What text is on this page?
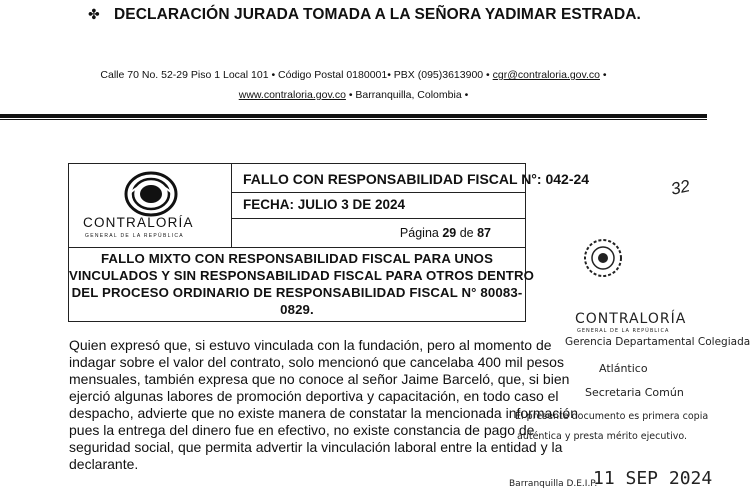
✤ DECLARACIÓN JURADA TOMADA A LA SEÑORA YADIMAR ESTRADA.
Calle 70 No. 52-29 Piso 1 Local 101 • Código Postal 0180001• PBX (095)3613900 • cgr@contraloria.gov.co •
www.contraloria.gov.co • Barranquilla, Colombia •
CONTRALORÍA
GENERAL DE LA REPÚBLICA
FALLO CON RESPONSABILIDAD FISCAL N°: 042-24
FECHA: JULIO 3 DE 2024
Página 29 de 87
FALLO MIXTO CON RESPONSABILIDAD FISCAL PARA UNOS
VINCULADOS Y SIN RESPONSABILIDAD FISCAL PARA OTROS DENTRO
DEL PROCESO ORDINARIO DE RESPONSABILIDAD FISCAL N° 80083-
0829.
Quien expresó que, si estuvo vinculada con la fundación, pero al momento de
indagar sobre el valor del contrato, solo mencionó que cancelaba 400 mil pesos
mensuales, también expresa que no conoce al señor Jaime Barceló, que, si bien
ejerció algunas labores de promoción deportiva y capacitación, en todo caso el
despacho, advierte que no existe manera de constatar la mencionada información
pues la entrega del dinero fue en efectivo, no existe constancia de pago de
seguridad social, que permita advertir la vinculación laboral entre la entidad y la
declarante.
32
CONTRALORÍA
GENERAL DE LA REPÚBLICA
Gerencia Departamental Colegiada
Atlántico
Secretaria Común
El presente documento es primera copia
auténtica y presta mérito ejecutivo.
Barranquilla D.E.I.P.
11 SEP 2024
